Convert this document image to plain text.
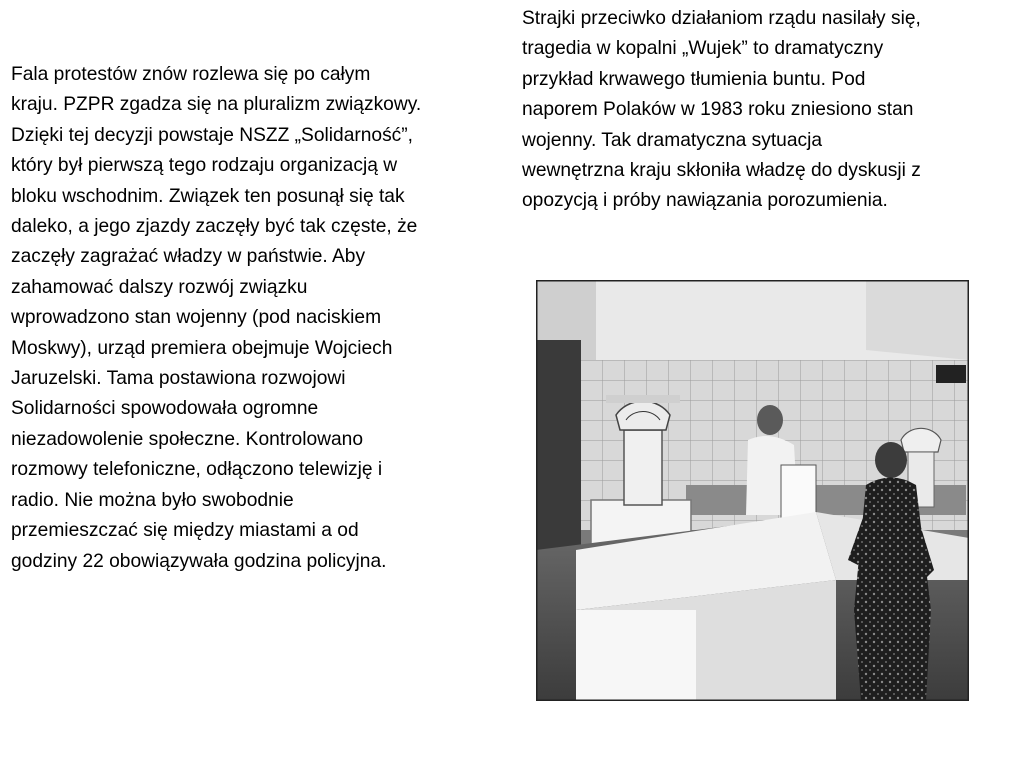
Fala protestów znów rozlewa się po całym
kraju. PZPR zgadza się na pluralizm związkowy.
Dzięki tej decyzji powstaje NSZZ „Solidarność”,
który był pierwszą tego rodzaju organizacją w
bloku wschodnim. Związek ten posunął się tak
daleko, a jego zjazdy zaczęły być tak częste, że
zaczęły zagrażać władzy w państwie. Aby
zahamować dalszy rozwój związku
wprowadzono stan wojenny (pod naciskiem
Moskwy), urząd premiera obejmuje Wojciech
Jaruzelski. Tama postawiona rozwojowi
Solidarności spowodowała ogromne
niezadowolenie społeczne. Kontrolowano
rozmowy telefoniczne, odłączono telewizję i
radio. Nie można było swobodnie
przemieszczać się między miastami a od
godziny 22 obowiązywała godzina policyjna.
Strajki przeciwko działaniom rządu nasilały się,
tragedia w kopalni „Wujek” to dramatyczny
przykład krwawego tłumienia buntu. Pod
naporem Polaków w 1983 roku zniesiono stan
wojenny. Tak dramatyczna sytuacja
wewnętrzna kraju skłoniła władzę do dyskusji z
opozycją i próby nawiązania porozumienia.
